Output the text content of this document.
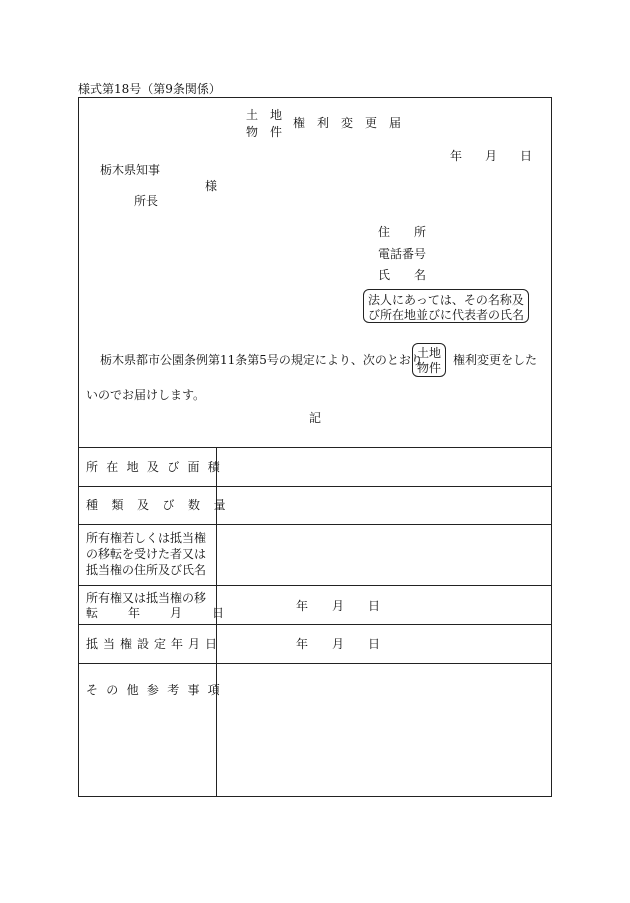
様式第18号（第9条関係）
土　地
物　件
権　利　変　更　届
年 月 日
栃木県知事
様
所長
住　　所
電話番号
氏　　名
法人にあっては、その名称及
び所在地並びに代表者の氏名
栃木県都市公園条例第11条第5号の規定により、次のとおり
土地
物件
権利変更をした
いのでお届けします。
記
所在地及び面積
種類及び数量
所有権若しくは抵当権
の移転を受けた者又は
抵当権の住所及び氏名
所有権又は抵当権の移
転年月日	年　　月　　日
抵当権設定年月日	年　　月　　日
その他参考事項
